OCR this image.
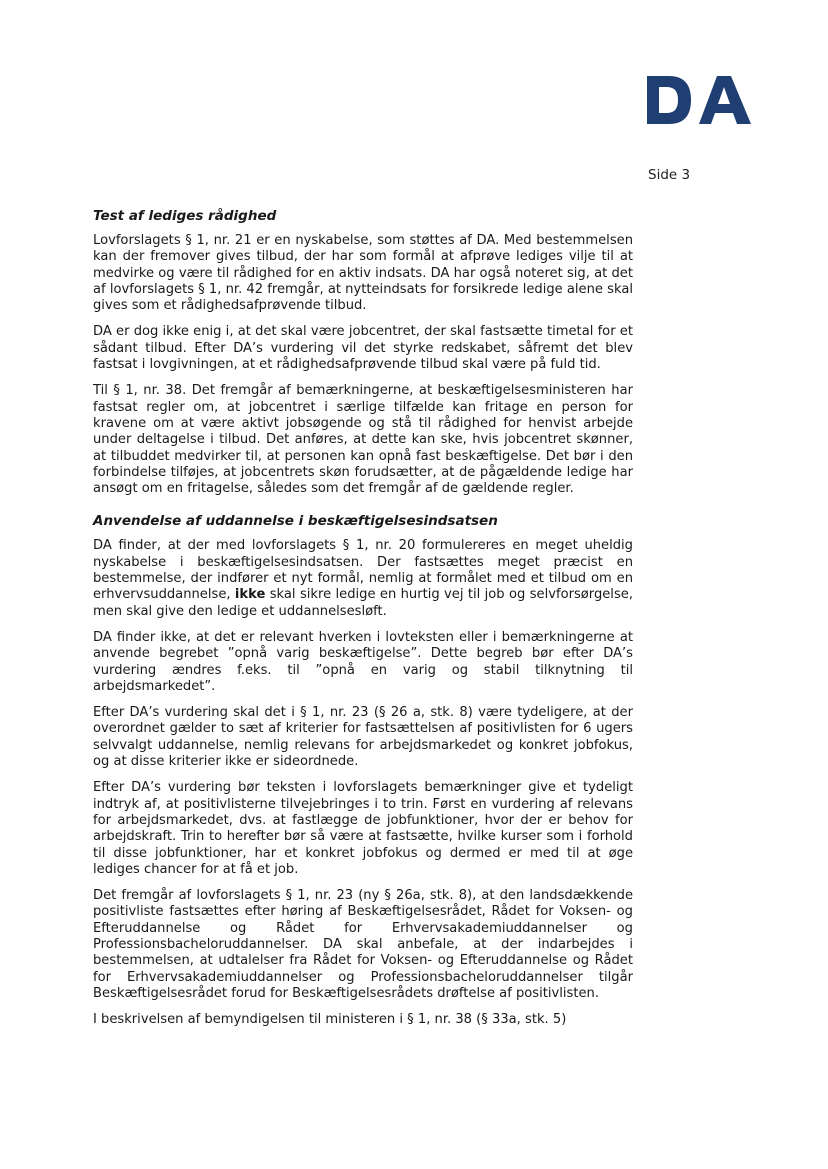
Side 3
Test af lediges rådighed

Lovforslagets § 1, nr. 21 er en nyskabelse, som støttes af DA. Med bestemmelsen kan der fremover gives tilbud, der har som formål at afprøve lediges vilje til at medvirke og være til rådighed for en aktiv indsats. DA har også noteret sig, at det af lovforslagets § 1, nr. 42 fremgår, at nytteindsats for forsikrede ledige alene skal gives som et rådighedsafprøvende tilbud.

DA er dog ikke enig i, at det skal være jobcentret, der skal fastsætte timetal for et sådant tilbud. Efter DA’s vurdering vil det styrke redskabet, såfremt det blev fastsat i lovgivningen, at et rådighedsafprøvende tilbud skal være på fuld tid.

Til § 1, nr. 38. Det fremgår af bemærkningerne, at beskæftigelsesministeren har fastsat regler om, at jobcentret i særlige tilfælde kan fritage en person for kravene om at være aktivt jobsøgende og stå til rådighed for henvist arbejde under deltagelse i tilbud. Det anføres, at dette kan ske, hvis jobcentret skønner, at tilbuddet medvirker til, at personen kan opnå fast beskæftigelse. Det bør i den forbindelse tilføjes, at jobcentrets skøn forudsætter, at de pågældende ledige har ansøgt om en fritagelse, således som det fremgår af de gældende regler.

Anvendelse af uddannelse i beskæftigelsesindsatsen

DA finder, at der med lovforslagets § 1, nr. 20 formulereres en meget uheldig nyskabelse i beskæftigelsesindsatsen. Der fastsættes meget præcist en bestemmelse, der indfører et nyt formål, nemlig at formålet med et tilbud om en erhvervsuddannelse, ikke skal sikre ledige en hurtig vej til job og selvforsørgelse, men skal give den ledige et uddannelsesløft.

DA finder ikke, at det er relevant hverken i lovteksten eller i bemærkningerne at anvende begrebet ”opnå varig beskæftigelse”. Dette begreb bør efter DA’s vurdering ændres f.eks. til ”opnå en varig og stabil tilknytning til arbejdsmarkedet”.

Efter DA’s vurdering skal det i § 1, nr. 23 (§ 26 a, stk. 8) være tydeligere, at der overordnet gælder to sæt af kriterier for fastsættelsen af positivlisten for 6 ugers selvvalgt uddannelse, nemlig relevans for arbejdsmarkedet og konkret jobfokus, og at disse kriterier ikke er sideordnede.

Efter DA’s vurdering bør teksten i lovforslagets bemærkninger give et tydeligt indtryk af, at positivlisterne tilvejebringes i to trin. Først en vurdering af relevans for arbejdsmarkedet, dvs. at fastlægge de jobfunktioner, hvor der er behov for arbejdskraft. Trin to herefter bør så være at fastsætte, hvilke kurser som i forhold til disse jobfunktioner, har et konkret jobfokus og dermed er med til at øge lediges chancer for at få et job.

Det fremgår af lovforslagets § 1, nr. 23 (ny § 26a, stk. 8), at den landsdækkende positivliste fastsættes efter høring af Beskæftigelsesrådet, Rådet for Voksen- og Efteruddannelse og Rådet for Erhvervsakademiuddannelser og Professionsbacheloruddannelser. DA skal anbefale, at der indarbejdes i bestemmelsen, at udtalelser fra Rådet for Voksen- og Efteruddannelse og Rådet for Erhvervsakademiuddannelser og Professionsbacheloruddannelser tilgår Beskæftigelsesrådet forud for Beskæftigelsesrådets drøftelse af positivlisten.

I beskrivelsen af bemyndigelsen til ministeren i § 1, nr. 38 (§ 33a, stk. 5)
